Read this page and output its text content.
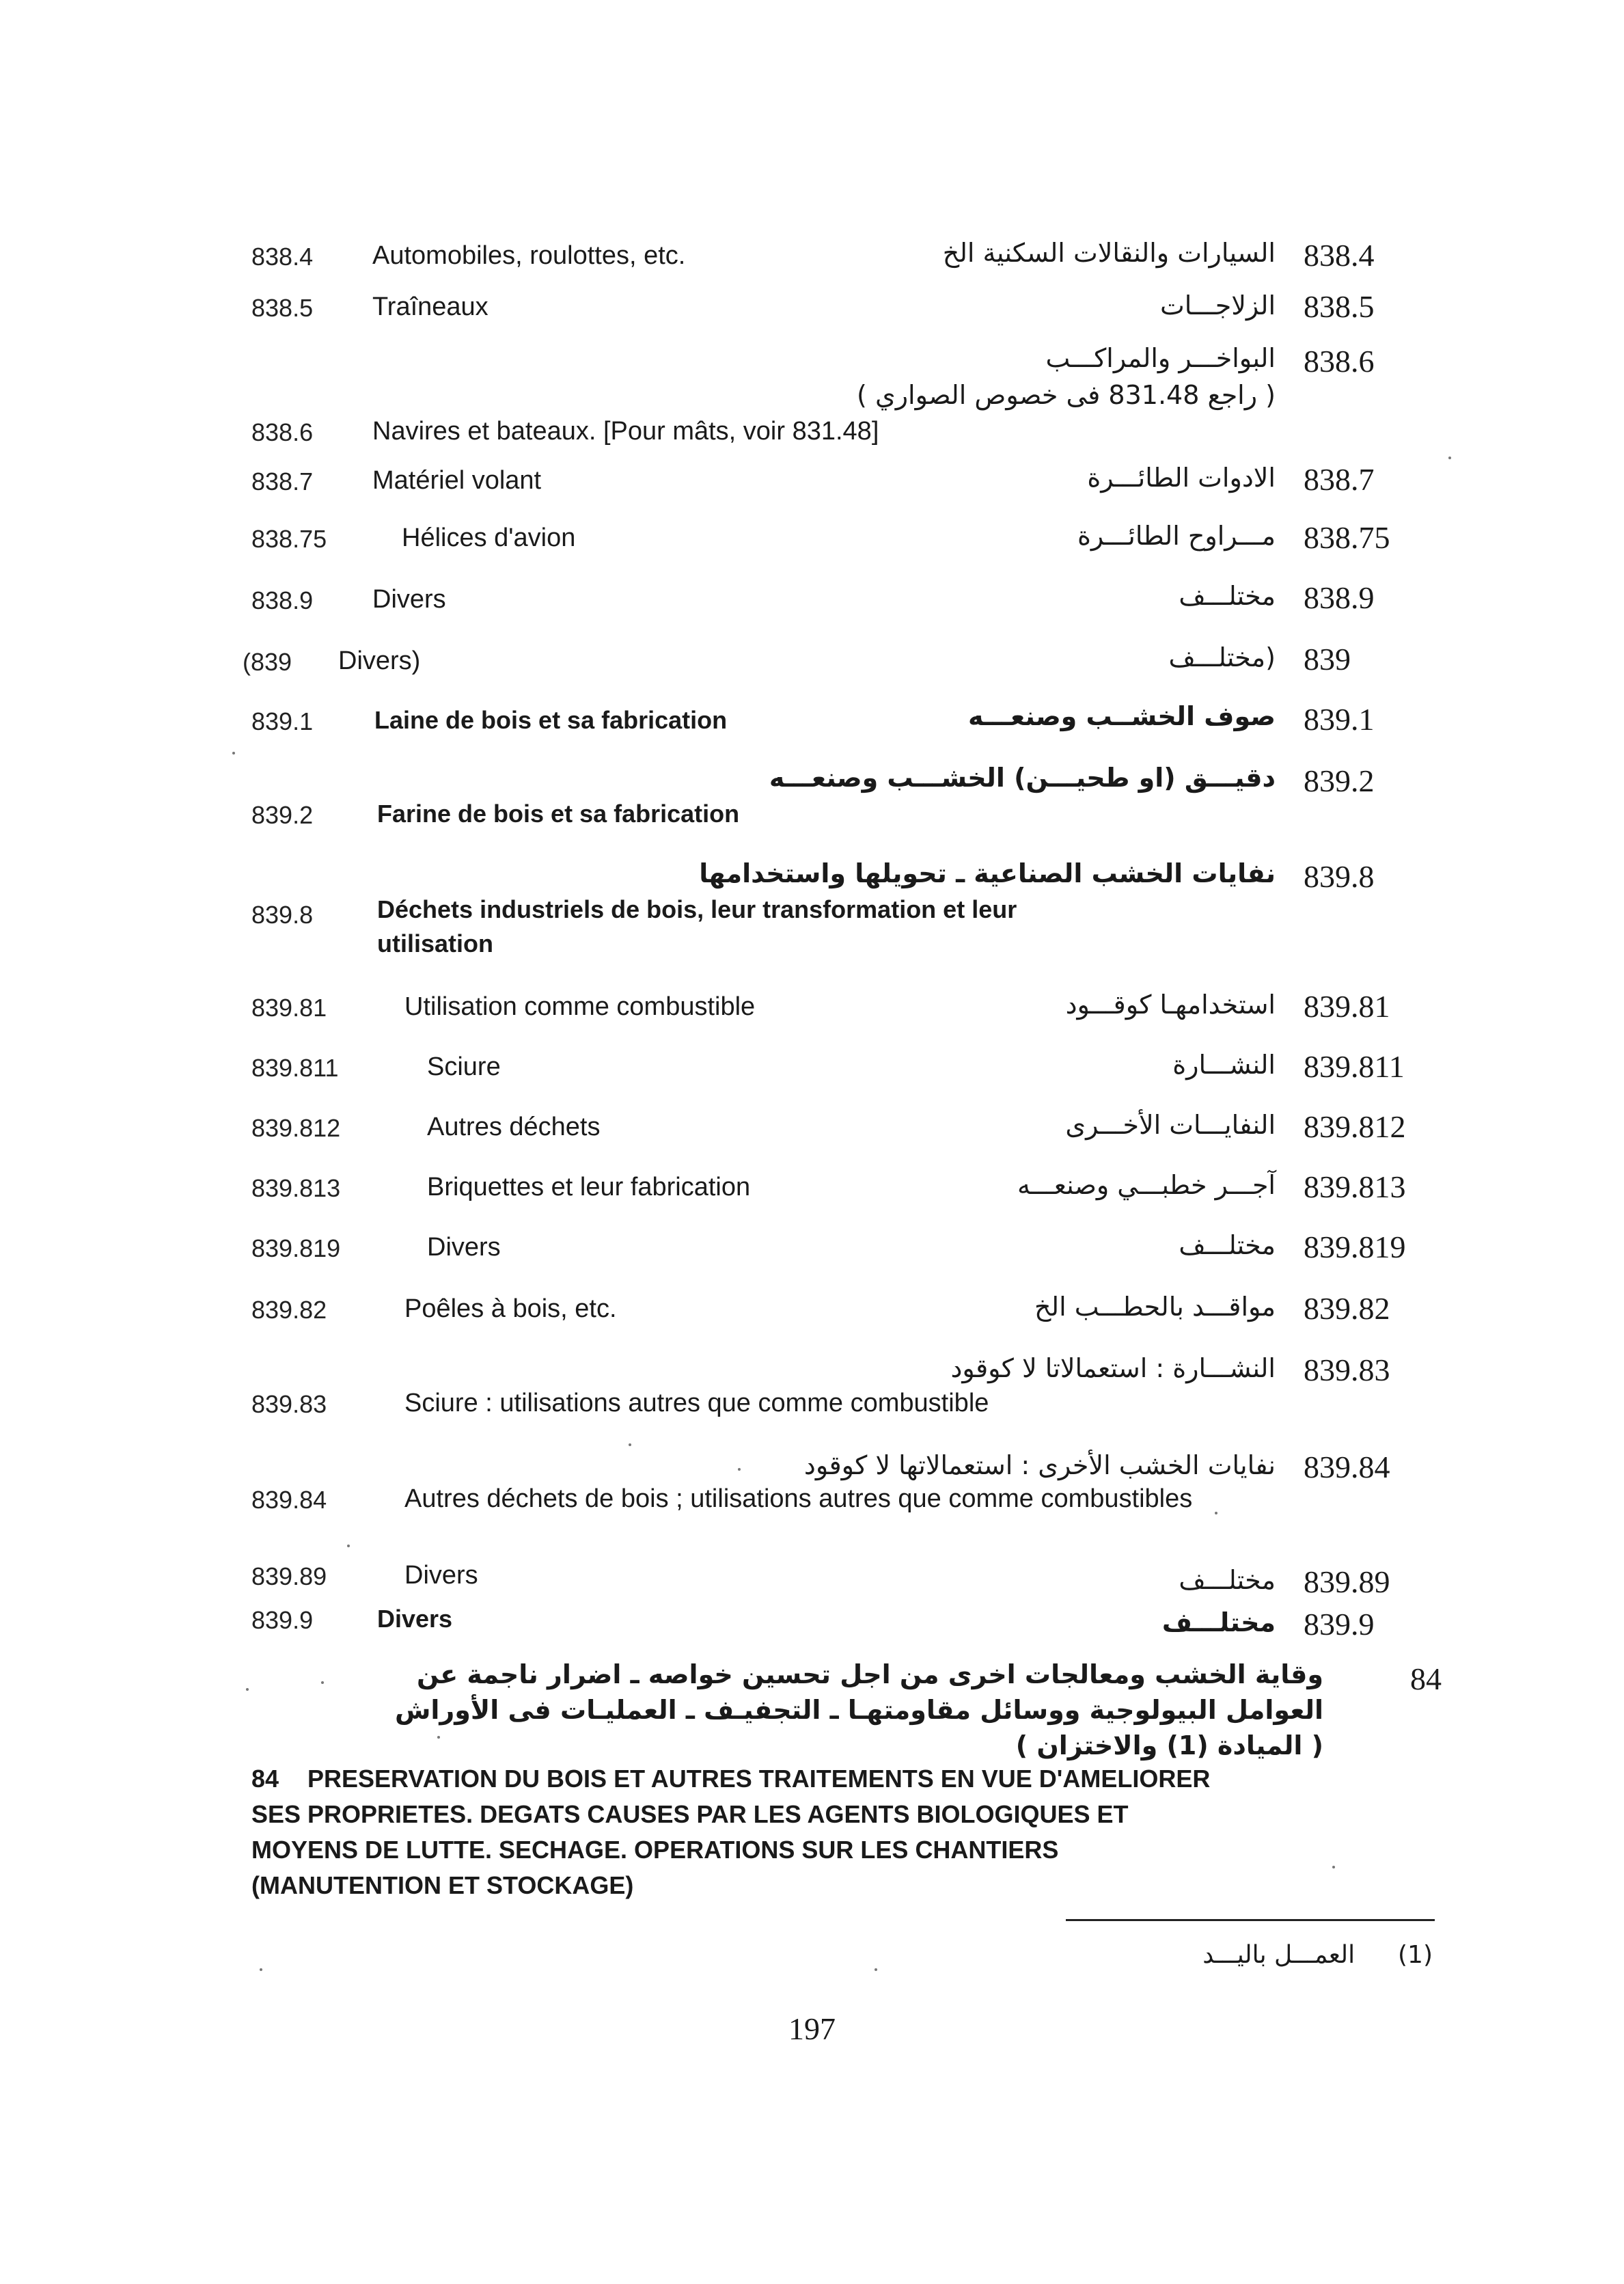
838.4 Automobiles, roulottes, etc.	السيارات والنقالات السكنية الخ 838.4
838.5 Traîneaux	الزلاجـــات 838.5
البواخـــر والمراكـــب 838.6
( راجع 831.48 فى خصوص الصواري )
838.6 Navires et bateaux. [Pour mâts, voir 831.48]
838.7 Matériel volant	الادوات الطائـــرة 838.7
838.75	Hélices d'avion	مـــراوح الطائـــرة 838.75
838.9 Divers	مختلـــف 838.9
(839 Divers)	(مختلـــف 839
839.1 Laine de bois et sa fabrication	صوف الخشــب وصنعـــه 839.1
دقيـــق (او طحيـــن) الخشـــب وصنعـــه 839.2
839.2	Farine de bois et sa fabrication
نفايات الخشب الصناعية ـ تحويلها واستخدامها 839.8
839.8	Déchets industriels de bois, leur transformation et leur utilisation
839.81	Utilisation comme combustible	استخدامهـا كوقـــود 839.81
839.811	Sciure	النشـــارة 839.811
839.812	Autres déchets	النفايـــات الأخـــرى 839.812
839.813	Briquettes et leur fabrication	آجـــر خطبـــي وصنعـــه 839.813
839.819	Divers	مختلـــف 839.819
839.82	Poêles à bois, etc.	مواقـــد بالحطـــب الخ 839.82
النشـــارة : استعمالاتا لا كوقود 839.83
839.83	Sciure : utilisations autres que comme combustible
نفايات الخشب الأخرى : استعمالاتها لا كوقود 839.84
839.84	Autres déchets de bois ; utilisations autres que comme combustibles
839.89	Divers	مختلـــف 839.89
839.9	Divers	مختلـــف 839.9
وقاية الخشب ومعالجات اخرى من اجل تحسين خواصه ـ اضرار ناجمة عن العوامل البيولوجية ووسائل مقاومتهـا ـ التجفيـف ـ العمليـات فى الأوراش ( الميادة (1) والاختزان )
84
84 PRESERVATION DU BOIS ET AUTRES TRAITEMENTS EN VUE D'AMELIORER SES PROPRIETES. DEGATS CAUSES PAR LES AGENTS BIOLOGIQUES ET MOYENS DE LUTTE. SECHAGE. OPERATIONS SUR LES CHANTIERS (MANUTENTION ET STOCKAGE)
(1)  العمـــل باليـــد
197
